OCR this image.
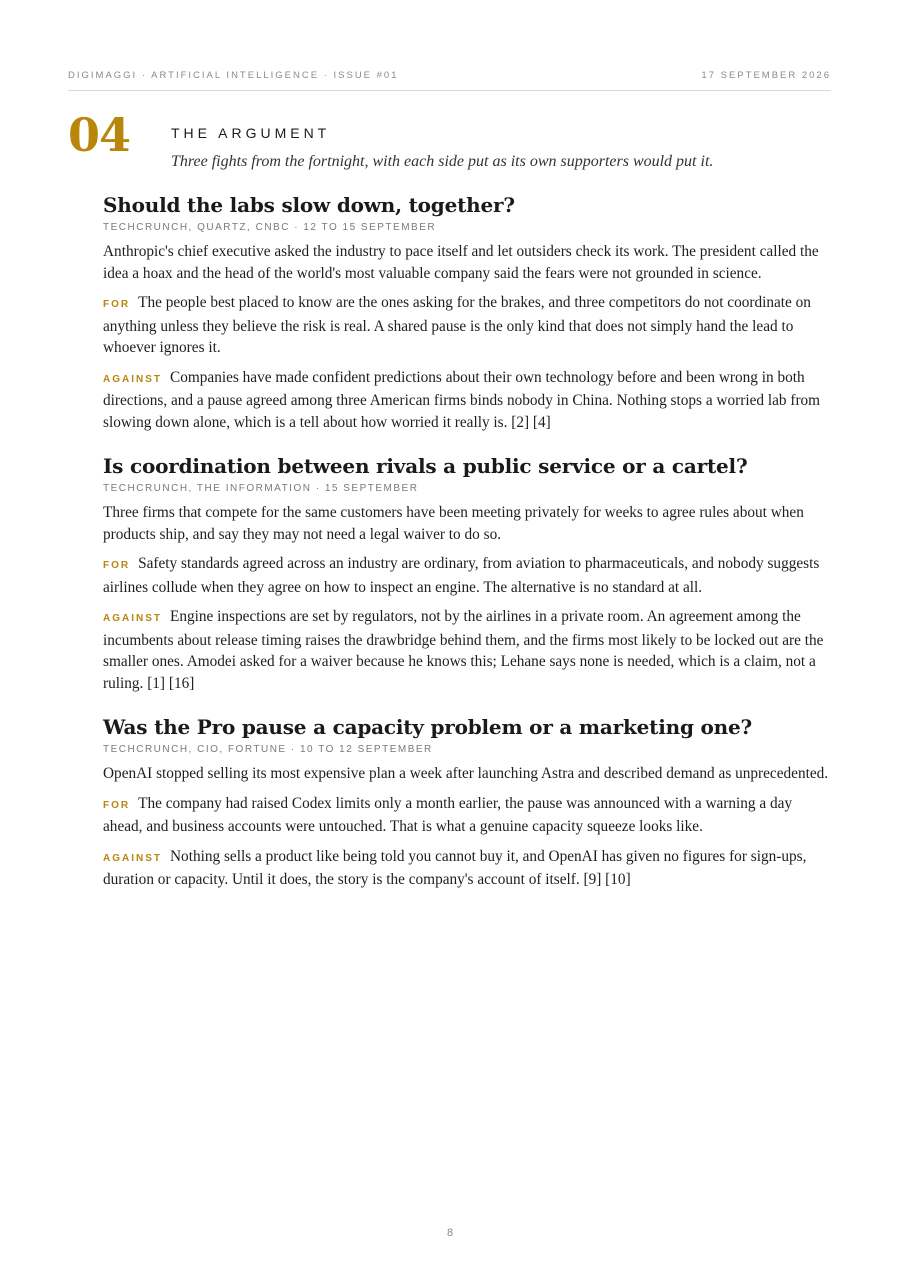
DIGIMAGGI · ARTIFICIAL INTELLIGENCE · ISSUE #01	17 SEPTEMBER 2026
04	THE ARGUMENT
Three fights from the fortnight, with each side put as its own supporters would put it.
Should the labs slow down, together?
TECHCRUNCH, QUARTZ, CNBC · 12 TO 15 SEPTEMBER

Anthropic's chief executive asked the industry to pace itself and let outsiders check its work. The president called the idea a hoax and the head of the world's most valuable company said the fears were not grounded in science.

FOR The people best placed to know are the ones asking for the brakes, and three competitors do not coordinate on anything unless they believe the risk is real. A shared pause is the only kind that does not simply hand the lead to whoever ignores it.

AGAINST Companies have made confident predictions about their own technology before and been wrong in both directions, and a pause agreed among three American firms binds nobody in China. Nothing stops a worried lab from slowing down alone, which is a tell about how worried it really is. [2] [4]

Is coordination between rivals a public service or a cartel?
TECHCRUNCH, THE INFORMATION · 15 SEPTEMBER

Three firms that compete for the same customers have been meeting privately for weeks to agree rules about when products ship, and say they may not need a legal waiver to do so.

FOR Safety standards agreed across an industry are ordinary, from aviation to pharmaceuticals, and nobody suggests airlines collude when they agree on how to inspect an engine. The alternative is no standard at all.

AGAINST Engine inspections are set by regulators, not by the airlines in a private room. An agreement among the incumbents about release timing raises the drawbridge behind them, and the firms most likely to be locked out are the smaller ones. Amodei asked for a waiver because he knows this; Lehane says none is needed, which is a claim, not a ruling. [1] [16]

Was the Pro pause a capacity problem or a marketing one?
TECHCRUNCH, CIO, FORTUNE · 10 TO 12 SEPTEMBER

OpenAI stopped selling its most expensive plan a week after launching Astra and described demand as unprecedented.

FOR The company had raised Codex limits only a month earlier, the pause was announced with a warning a day ahead, and business accounts were untouched. That is what a genuine capacity squeeze looks like.

AGAINST Nothing sells a product like being told you cannot buy it, and OpenAI has given no figures for sign-ups, duration or capacity. Until it does, the story is the company's account of itself. [9] [10]

8
